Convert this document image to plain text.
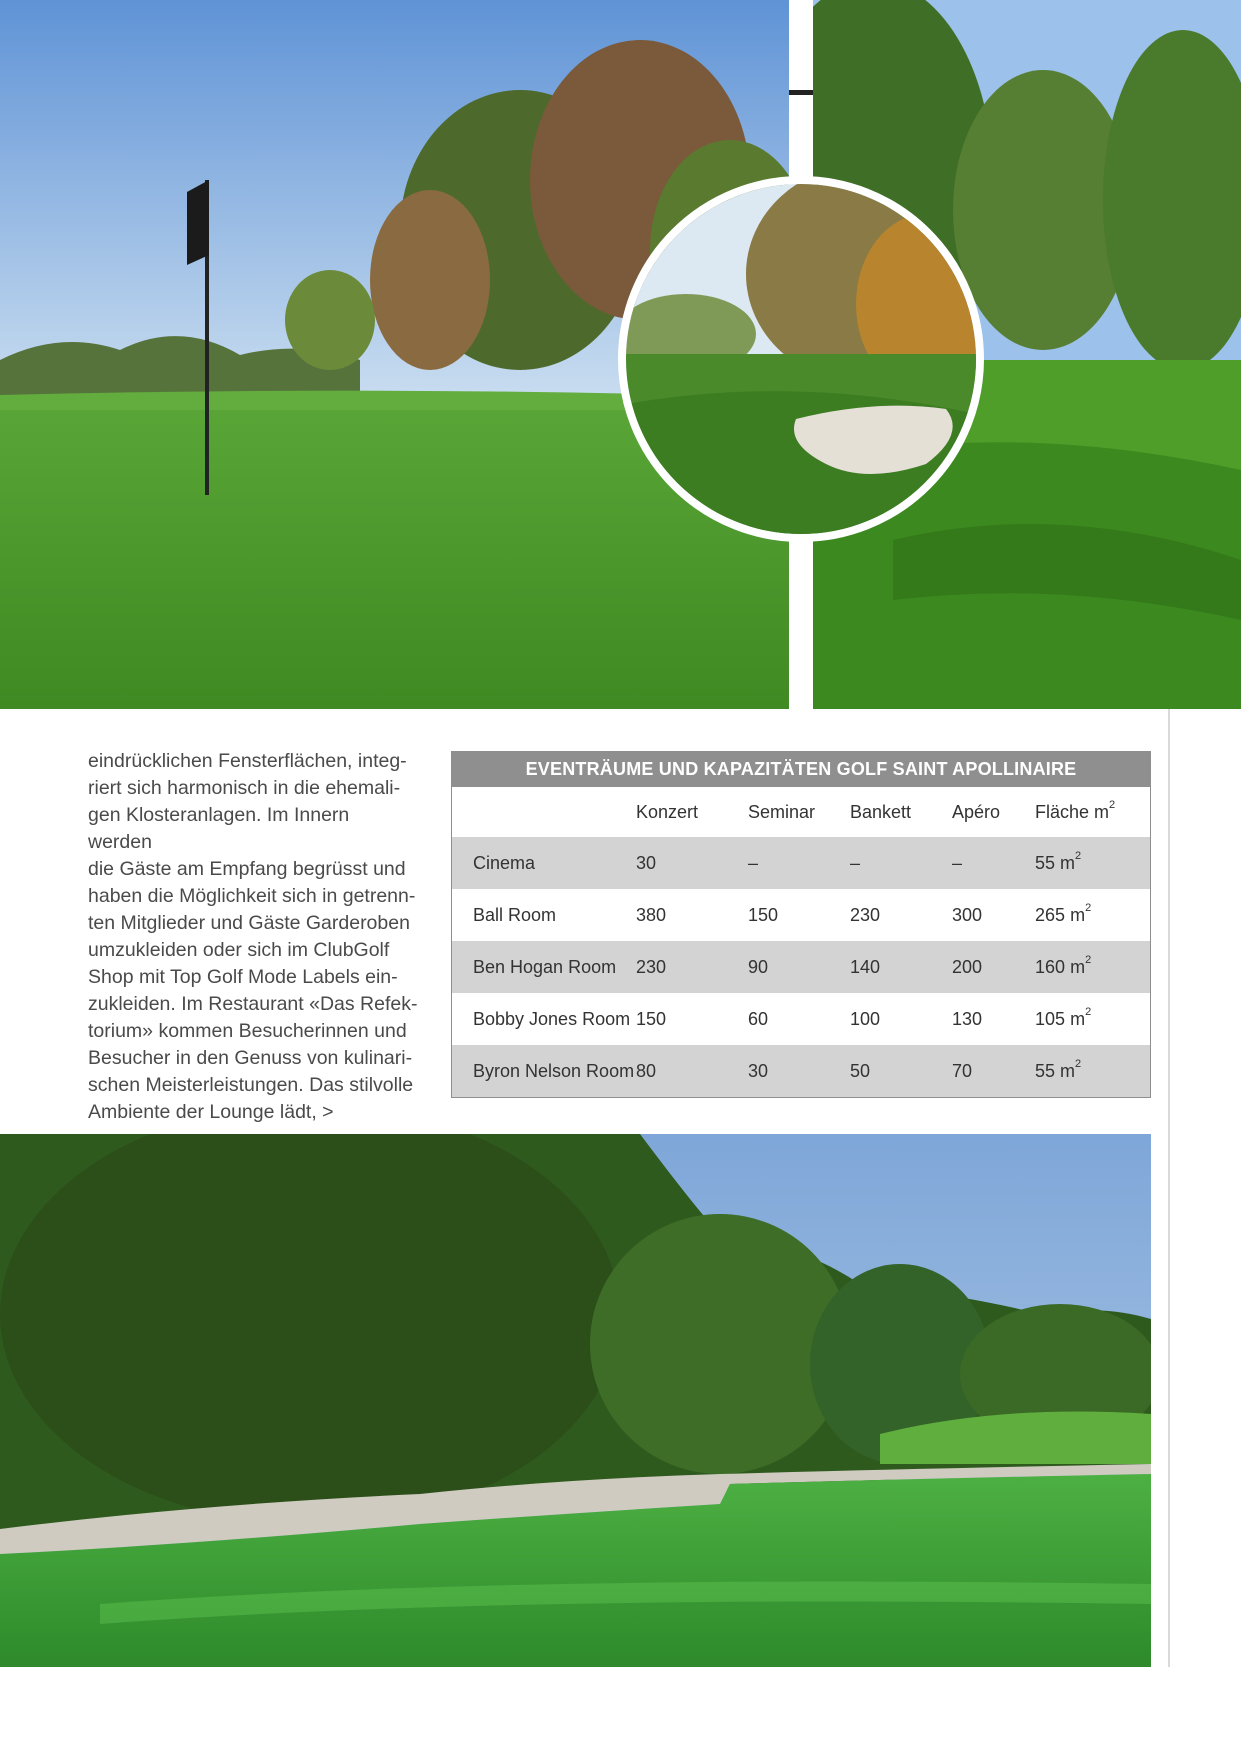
eindrücklichen Fensterflächen, integ-

riert sich harmonisch in die ehemali-

gen Klosteranlagen. Im Innern werden

die Gäste am Empfang begrüsst und

haben die Möglichkeit sich in getrenn-

ten Mitglieder und Gäste Garderoben

umzukleiden oder sich im ClubGolf

Shop mit Top Golf Mode Labels ein-

zukleiden. Im Restaurant «Das Refek-

torium» kommen Besucherinnen und

Besucher in den Genuss von kulinari-

schen Meisterleistungen. Das stilvolle

Ambiente der Lounge lädt, >

EVENTRÄUME UND KAPAZITÄTEN GOLF SAINT APOLLINAIRE
	Konzert	Seminar	Bankett	Apéro	Fläche $m^2$
Cinema	30	–	–	–	55 $m^2$
Ball Room	380	150	230	300	265 $m^2$
Ben Hogan Room	230	90	140	200	160 $m^2$
Bobby Jones Room	150	60	100	130	105 $m^2$
Byron Nelson Room	80	30	50	70	55 $m^2$
